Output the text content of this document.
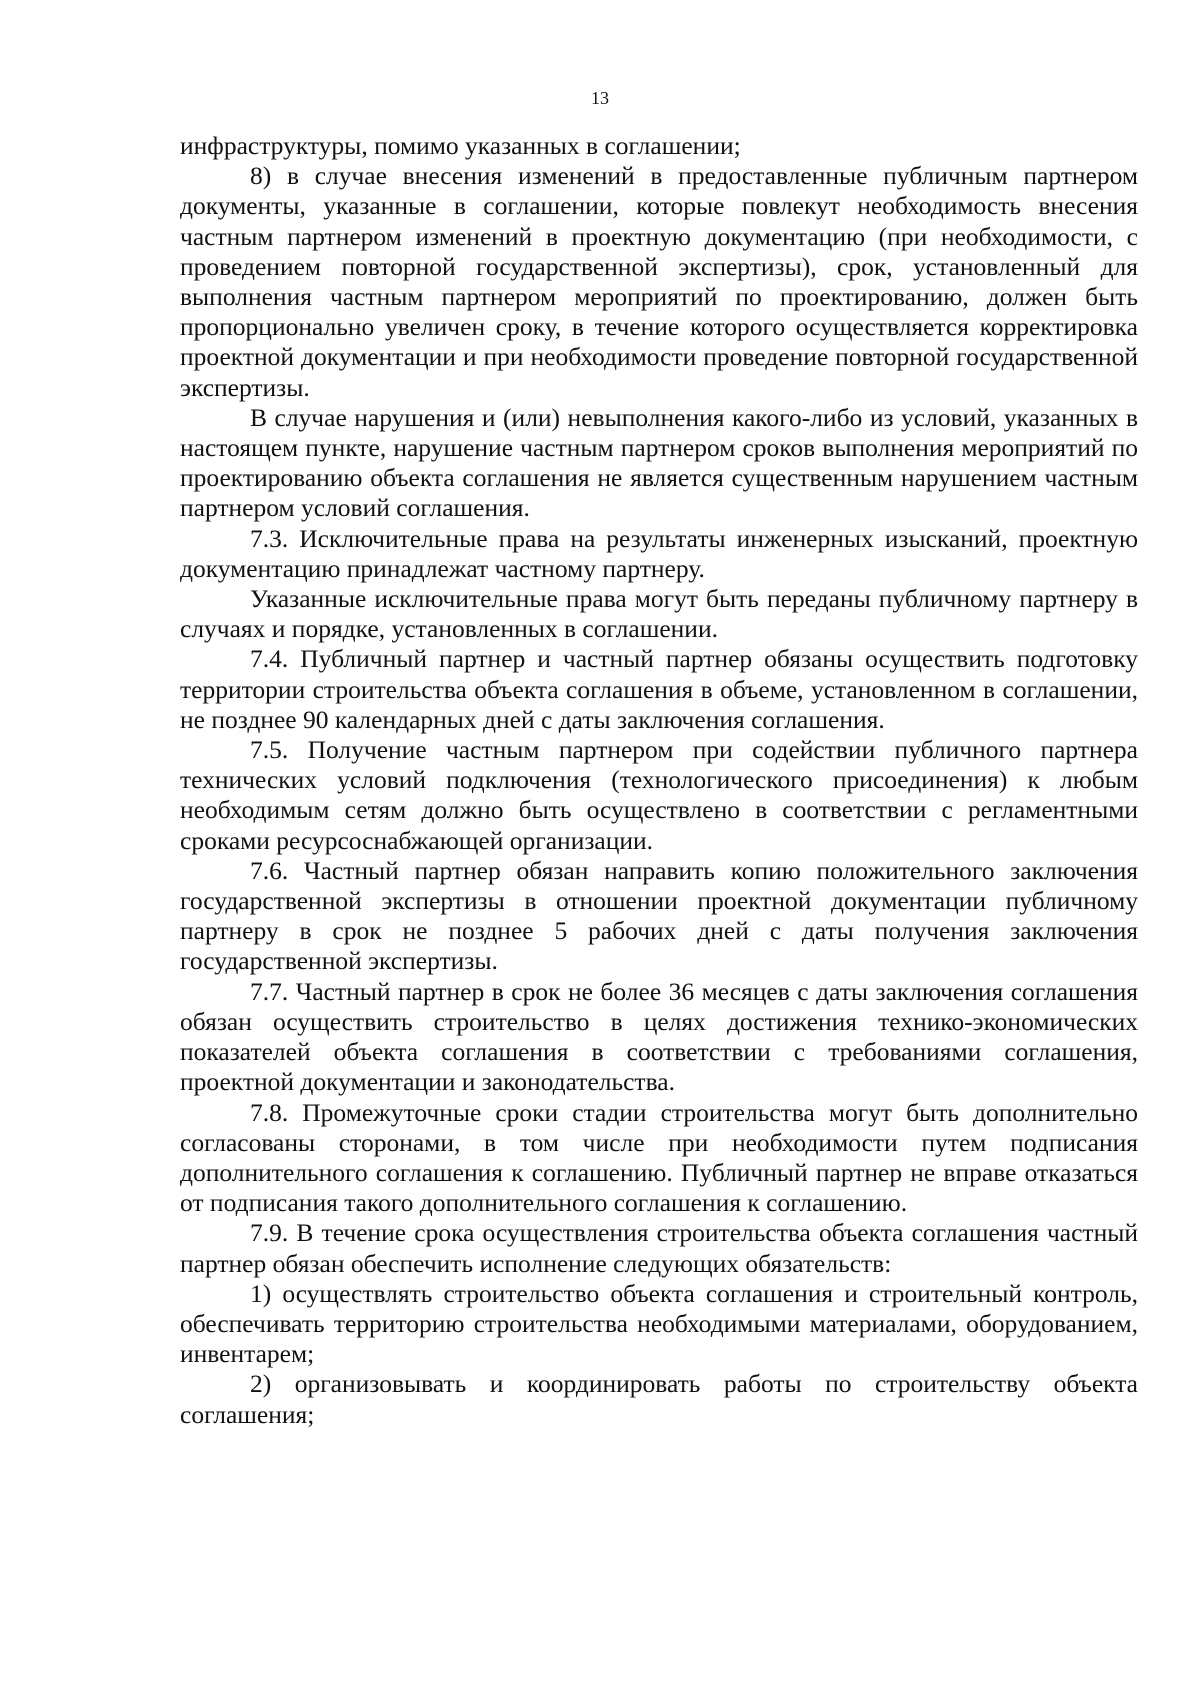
13

инфраструктуры, помимо указанных в соглашении;

8) в случае внесения изменений в предоставленные публичным партнером документы, указанные в соглашении, которые повлекут необходимость внесения частным партнером изменений в проектную документацию (при необходимости, с проведением повторной государственной экспертизы), срок, установленный для выполнения частным партнером мероприятий по проектированию, должен быть пропорционально увеличен сроку, в течение которого осуществляется корректировка проектной документации и при необходимости проведение повторной государственной экспертизы.

В случае нарушения и (или) невыполнения какого-либо из условий, указанных в настоящем пункте, нарушение частным партнером сроков выполнения мероприятий по проектированию объекта соглашения не является существенным нарушением частным партнером условий соглашения.

7.3. Исключительные права на результаты инженерных изысканий, проектную документацию принадлежат частному партнеру.

Указанные исключительные права могут быть переданы публичному партнеру в случаях и порядке, установленных в соглашении.

7.4. Публичный партнер и частный партнер обязаны осуществить подготовку территории строительства объекта соглашения в объеме, установленном в соглашении, не позднее 90 календарных дней с даты заключения соглашения.

7.5. Получение частным партнером при содействии публичного партнера технических условий подключения (технологического присоединения) к любым необходимым сетям должно быть осуществлено в соответствии с регламентными сроками ресурсоснабжающей организации.

7.6. Частный партнер обязан направить копию положительного заключения государственной экспертизы в отношении проектной документации публичному партнеру в срок не позднее 5 рабочих дней с даты получения заключения государственной экспертизы.

7.7. Частный партнер в срок не более 36 месяцев с даты заключения соглашения обязан осуществить строительство в целях достижения технико-экономических показателей объекта соглашения в соответствии с требованиями соглашения, проектной документации и законодательства.

7.8. Промежуточные сроки стадии строительства могут быть дополнительно согласованы сторонами, в том числе при необходимости путем подписания дополнительного соглашения к соглашению. Публичный партнер не вправе отказаться от подписания такого дополнительного соглашения к соглашению.

7.9. В течение срока осуществления строительства объекта соглашения частный партнер обязан обеспечить исполнение следующих обязательств:

1) осуществлять строительство объекта соглашения и строительный контроль, обеспечивать территорию строительства необходимыми материалами, оборудованием, инвентарем;

2) организовывать и координировать работы по строительству объекта соглашения;
